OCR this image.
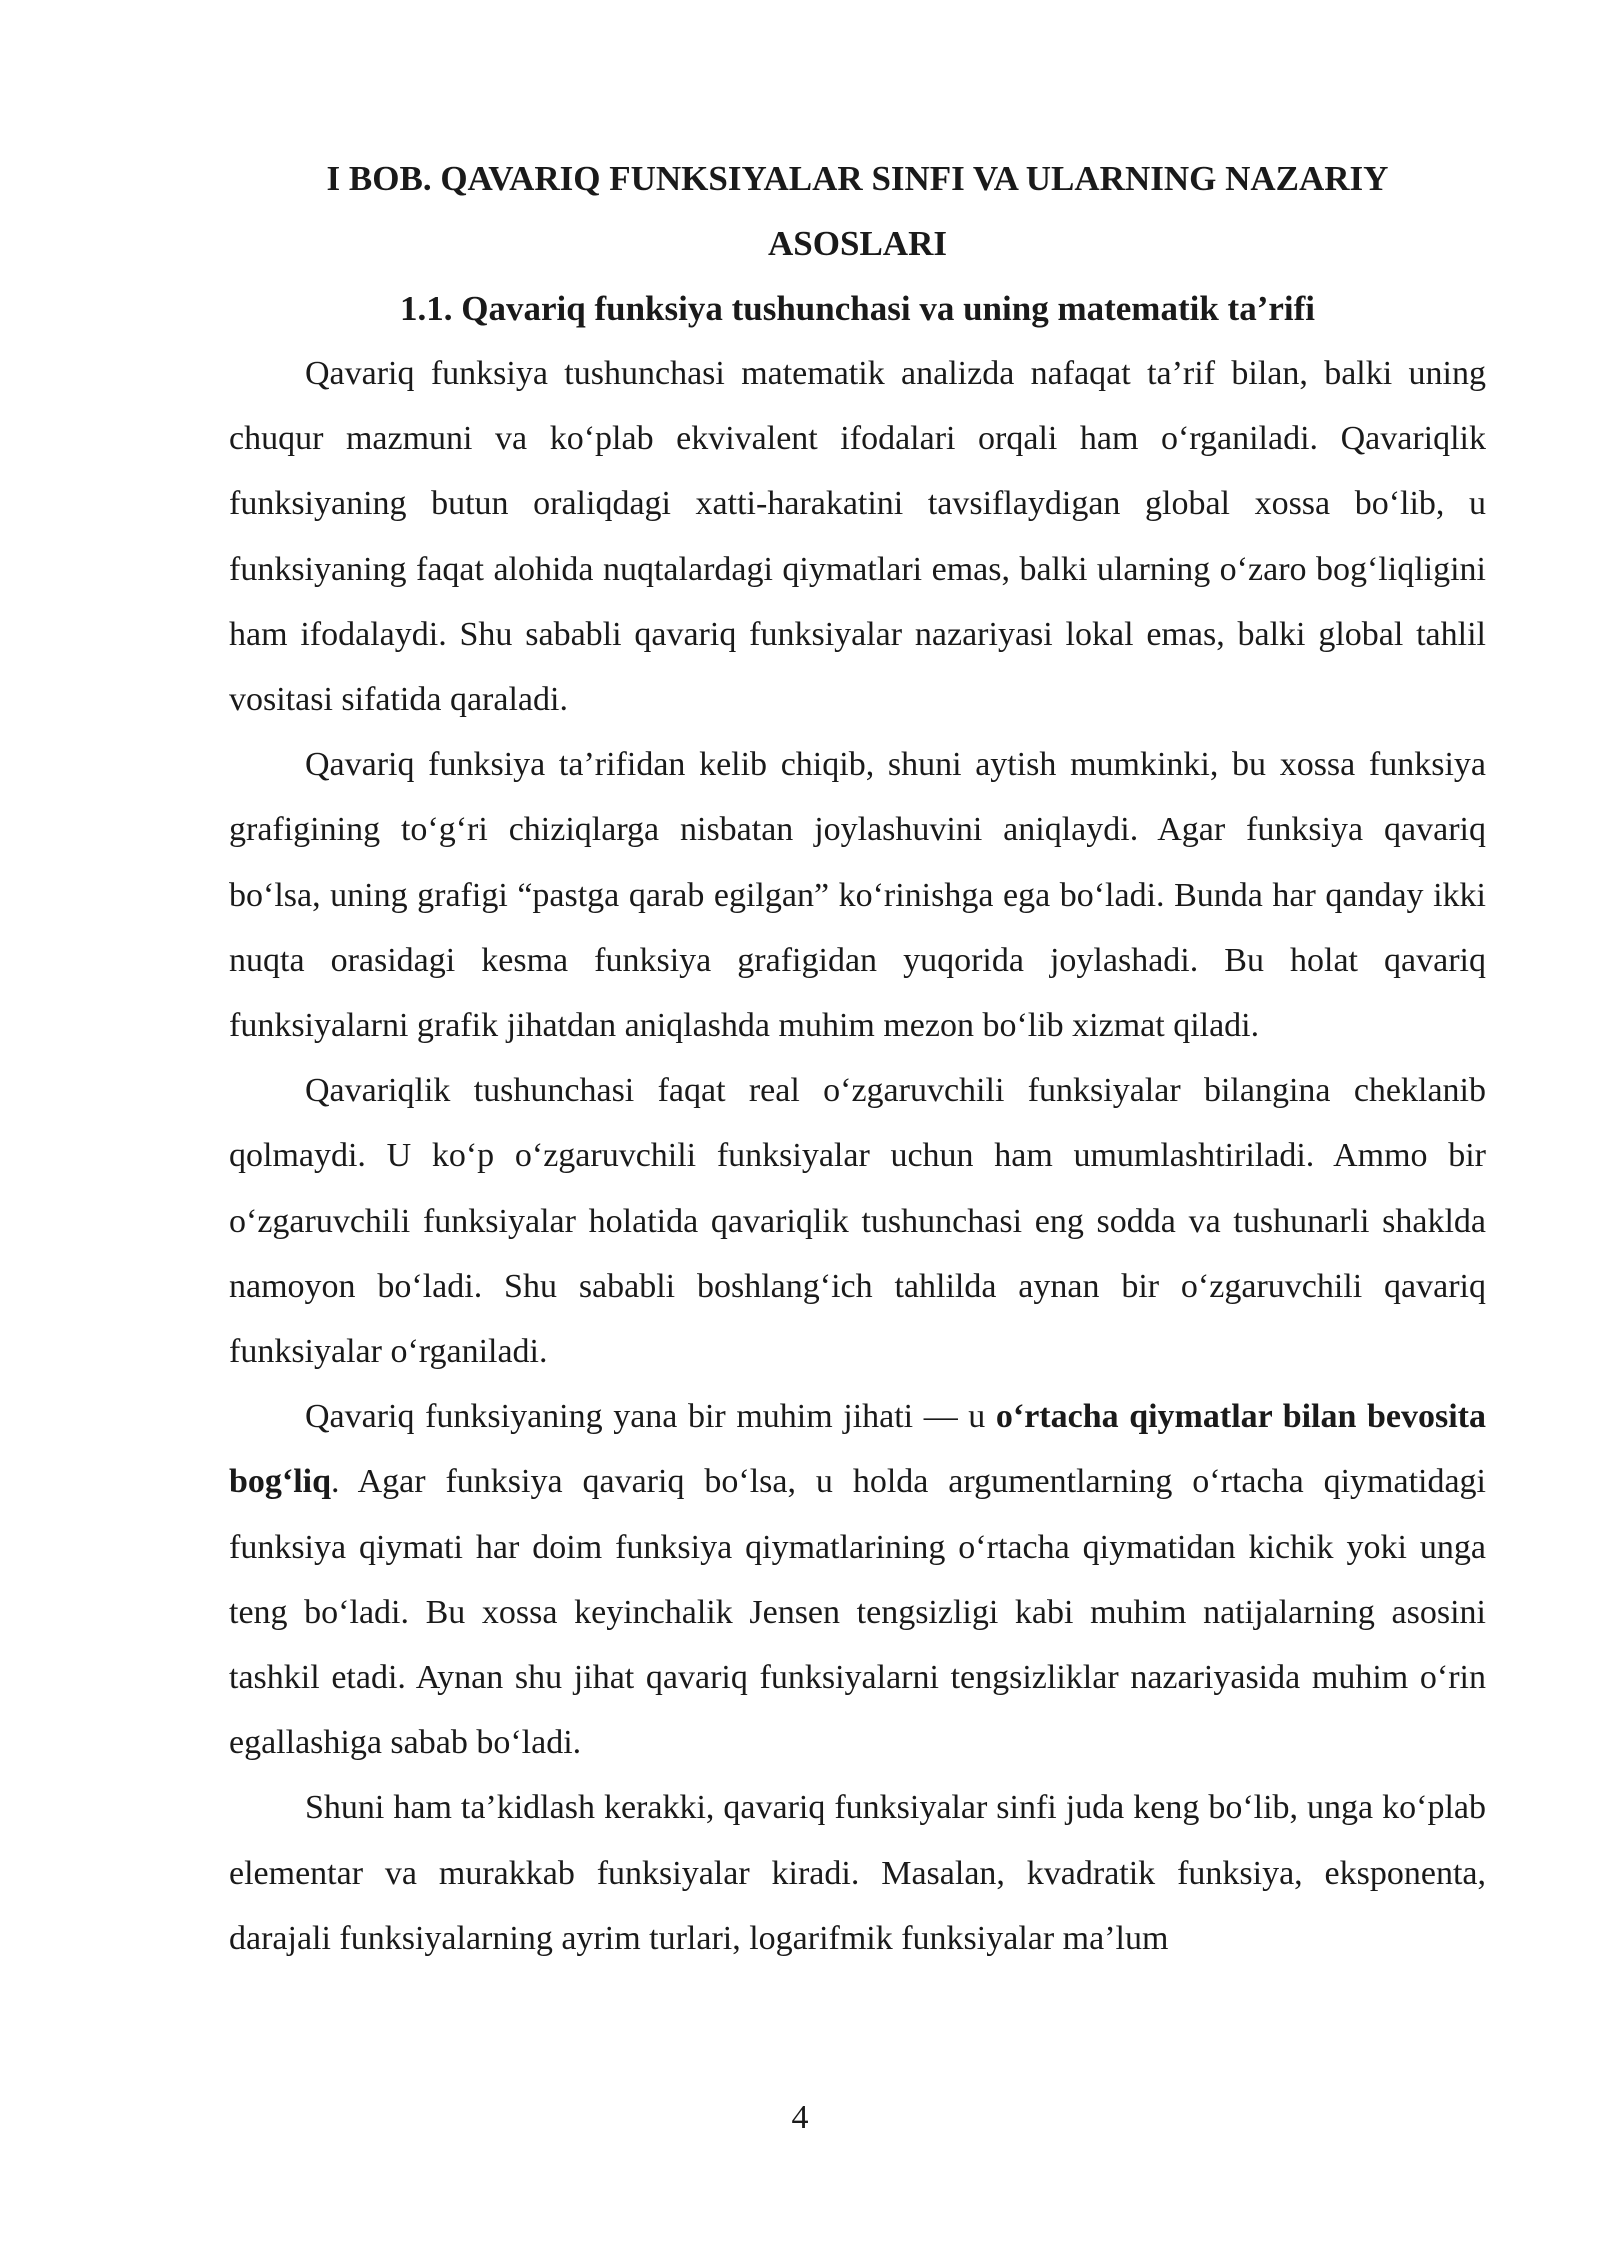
I BOB. QAVARIQ FUNKSIYALAR SINFI VA ULARNING NAZARIY

ASOSLARI

1.1. Qavariq funksiya tushunchasi va uning matematik ta’rifi

Qavariq funksiya tushunchasi matematik analizda nafaqat ta’rif bilan, balki uning chuqur mazmuni va ko‘plab ekvivalent ifodalari orqali ham o‘rganiladi. Qavariqlik funksiyaning butun oraliqdagi xatti-harakatini tavsiflaydigan global xossa bo‘lib, u funksiyaning faqat alohida nuqtalardagi qiymatlari emas, balki ularning o‘zaro bog‘liqligini ham ifodalaydi. Shu sababli qavariq funksiyalar nazariyasi lokal emas, balki global tahlil vositasi sifatida qaraladi.

Qavariq funksiya ta’rifidan kelib chiqib, shuni aytish mumkinki, bu xossa funksiya grafigining to‘g‘ri chiziqlarga nisbatan joylashuvini aniqlaydi. Agar funksiya qavariq bo‘lsa, uning grafigi “pastga qarab egilgan” ko‘rinishga ega bo‘ladi. Bunda har qanday ikki nuqta orasidagi kesma funksiya grafigidan yuqorida joylashadi. Bu holat qavariq funksiyalarni grafik jihatdan aniqlashda muhim mezon bo‘lib xizmat qiladi.

Qavariqlik tushunchasi faqat real o‘zgaruvchili funksiyalar bilangina cheklanib qolmaydi. U ko‘p o‘zgaruvchili funksiyalar uchun ham umumlashtiriladi. Ammo bir o‘zgaruvchili funksiyalar holatida qavariqlik tushunchasi eng sodda va tushunarli shaklda namoyon bo‘ladi. Shu sababli boshlang‘ich tahlilda aynan bir o‘zgaruvchili qavariq funksiyalar o‘rganiladi.

Qavariq funksiyaning yana bir muhim jihati — u o‘rtacha qiymatlar bilan bevosita bog‘liq. Agar funksiya qavariq bo‘lsa, u holda argumentlarning o‘rtacha qiymatidagi funksiya qiymati har doim funksiya qiymatlarining o‘rtacha qiymatidan kichik yoki unga teng bo‘ladi. Bu xossa keyinchalik Jensen tengsizligi kabi muhim natijalarning asosini tashkil etadi. Aynan shu jihat qavariq funksiyalarni tengsizliklar nazariyasida muhim o‘rin egallashiga sabab bo‘ladi.

Shuni ham ta’kidlash kerakki, qavariq funksiyalar sinfi juda keng bo‘lib, unga ko‘plab elementar va murakkab funksiyalar kiradi. Masalan, kvadratik funksiya, eksponenta, darajali funksiyalarning ayrim turlari, logarifmik funksiyalar ma’lum

4
